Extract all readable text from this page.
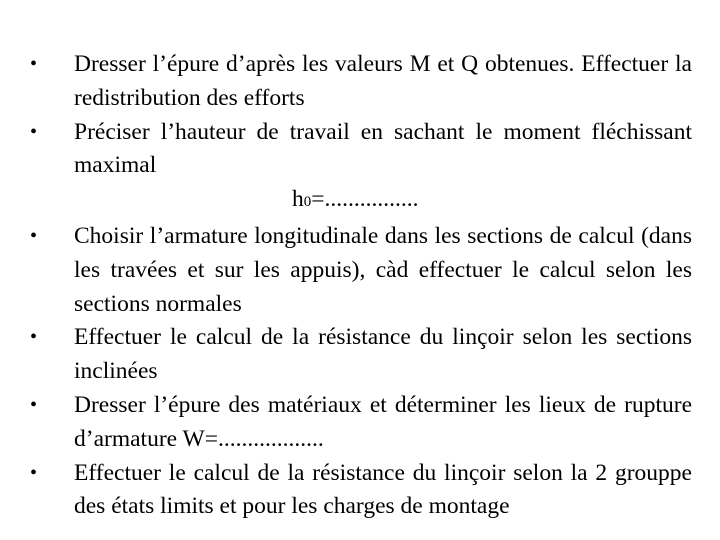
•	Dresser l’épure d’après les valeurs M et Q obtenues. Effectuer la redistribution des efforts
•	Préciser l’hauteur de travail en sachant le moment fléchissant maximal
h0=................
•	Choisir l’armature longitudinale dans les sections de calcul (dans les travées et sur les appuis), càd effectuer le calcul selon les sections normales
•	Effectuer le calcul de la résistance du linçoir selon les sections inclinées
•	Dresser l’épure des matériaux et déterminer les lieux de rupture d’armature W=..................
•	Effectuer le calcul de la résistance du linçoir selon la 2 grouppe des états limits et pour les charges de montage
